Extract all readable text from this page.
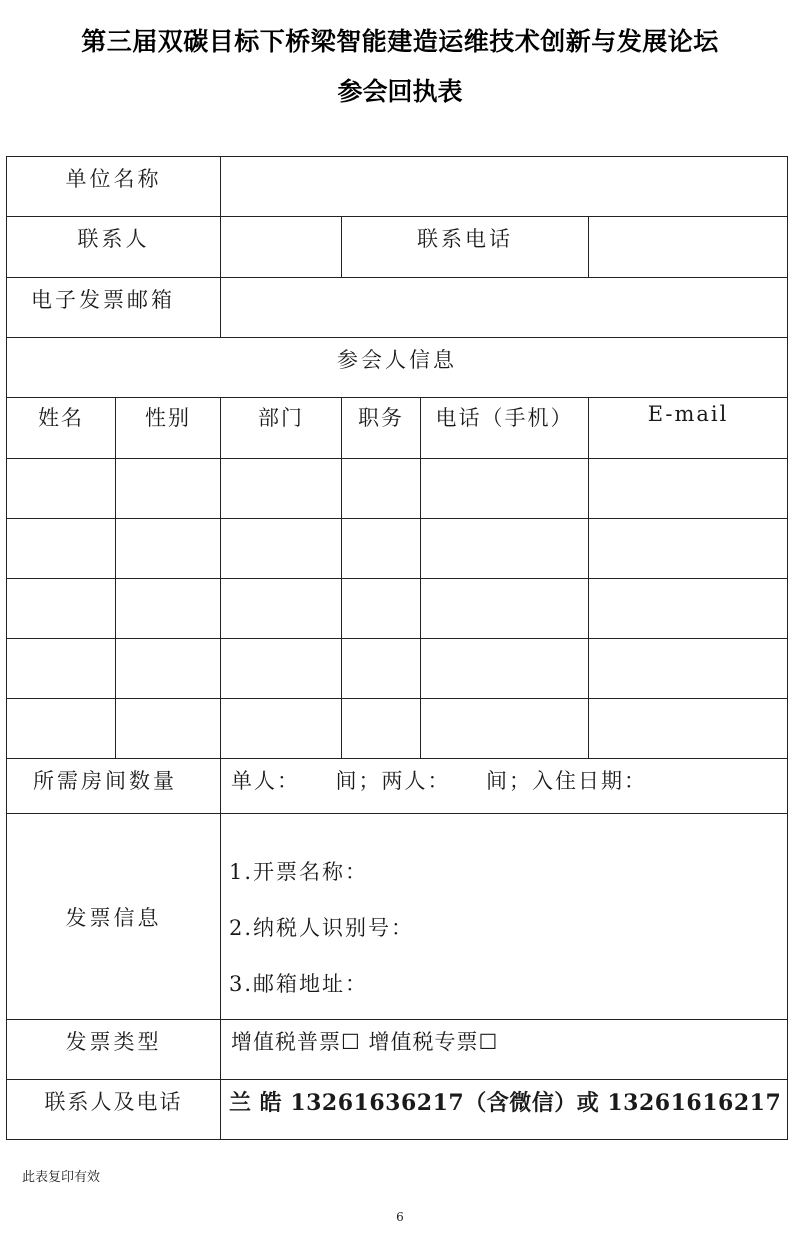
第三届双碳目标下桥梁智能建造运维技术创新与发展论坛
参会回执表
单位名称					
联系人			联系电话		
电子发票邮箱					
参会人信息					
姓名	性别	部门	职务	电话（手机）	E-mail

所需房间数量		单人：　　间；两人：　　间；入住日期：			
发票信息		1.开票名称：
2.纳税人识别号：
3.邮箱地址：			

发票类型		增值税普票☐ 增值税专票☐			
联系人及电话		兰 皓 13261636217（含微信）或 13261616217			
此表复印有效
6
